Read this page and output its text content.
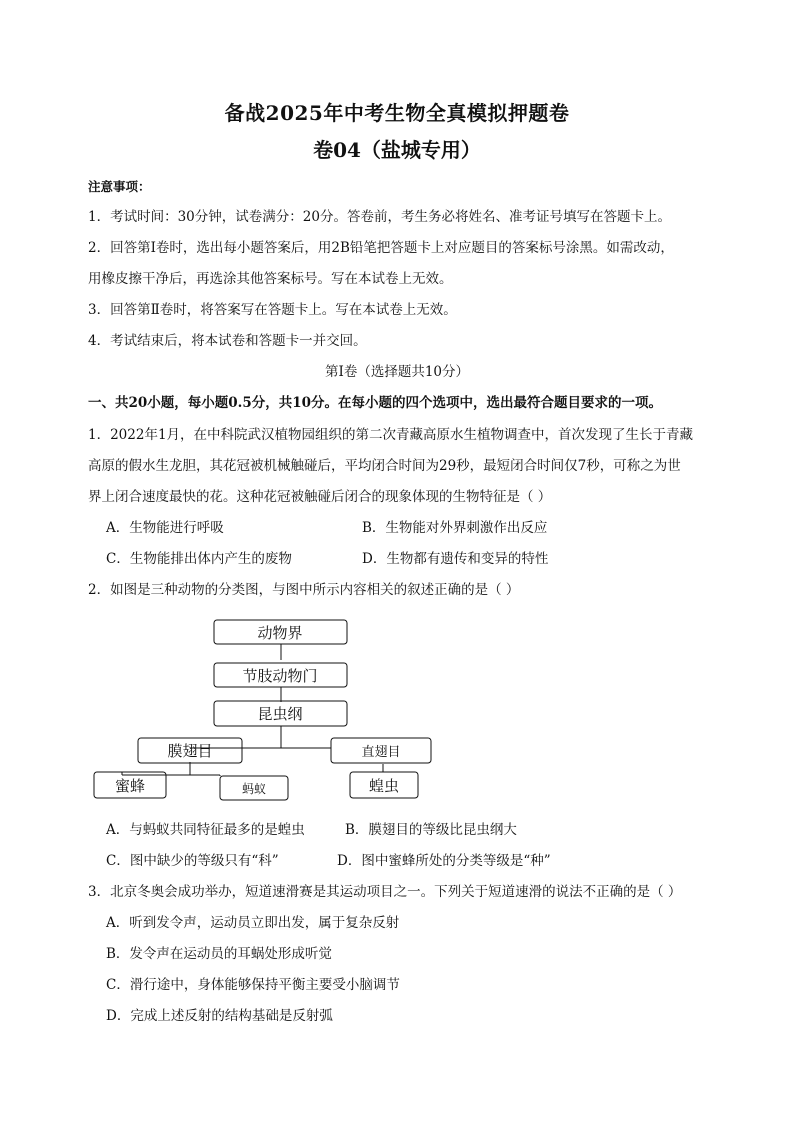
备战2025年中考生物全真模拟押题卷
卷04（盐城专用）
注意事项：
1．考试时间：30分钟，试卷满分：20分。答卷前，考生务必将姓名、准考证号填写在答题卡上。
2．回答第Ⅰ卷时，选出每小题答案后，用2B铅笔把答题卡上对应题目的答案标号涂黑。如需改动，
用橡皮擦干净后，再选涂其他答案标号。写在本试卷上无效。
3．回答第Ⅱ卷时，将答案写在答题卡上。写在本试卷上无效。
4．考试结束后，将本试卷和答题卡一并交回。
第Ⅰ卷（选择题共10分）
一、共20小题，每小题0.5分，共10分。在每小题的四个选项中，选出最符合题目要求的一项。
1．2022年1月，在中科院武汉植物园组织的第二次青藏高原水生植物调查中，首次发现了生长于青藏
高原的假水生龙胆，其花冠被机械触碰后，平均闭合时间为29秒，最短闭合时间仅7秒，可称之为世
界上闭合速度最快的花。这种花冠被触碰后闭合的现象体现的生物特征是（ ）
A．生物能进行呼吸	B．生物能对外界刺激作出反应
C．生物能排出体内产生的废物	D．生物都有遗传和变异的特性
2．如图是三种动物的分类图，与图中所示内容相关的叙述正确的是（ ）
动物界
节肢动物门
昆虫纲
膜翅目	直翅目
蜜蜂	蚂蚁	蝗虫
A．与蚂蚁共同特征最多的是蝗虫	B．膜翅目的等级比昆虫纲大
C．图中缺少的等级只有“科”	D．图中蜜蜂所处的分类等级是“种”
3．北京冬奥会成功举办，短道速滑赛是其运动项目之一。下列关于短道速滑的说法不正确的是（ ）
A．听到发令声，运动员立即出发，属于复杂反射
B．发令声在运动员的耳蜗处形成听觉
C．滑行途中，身体能够保持平衡主要受小脑调节
D．完成上述反射的结构基础是反射弧
